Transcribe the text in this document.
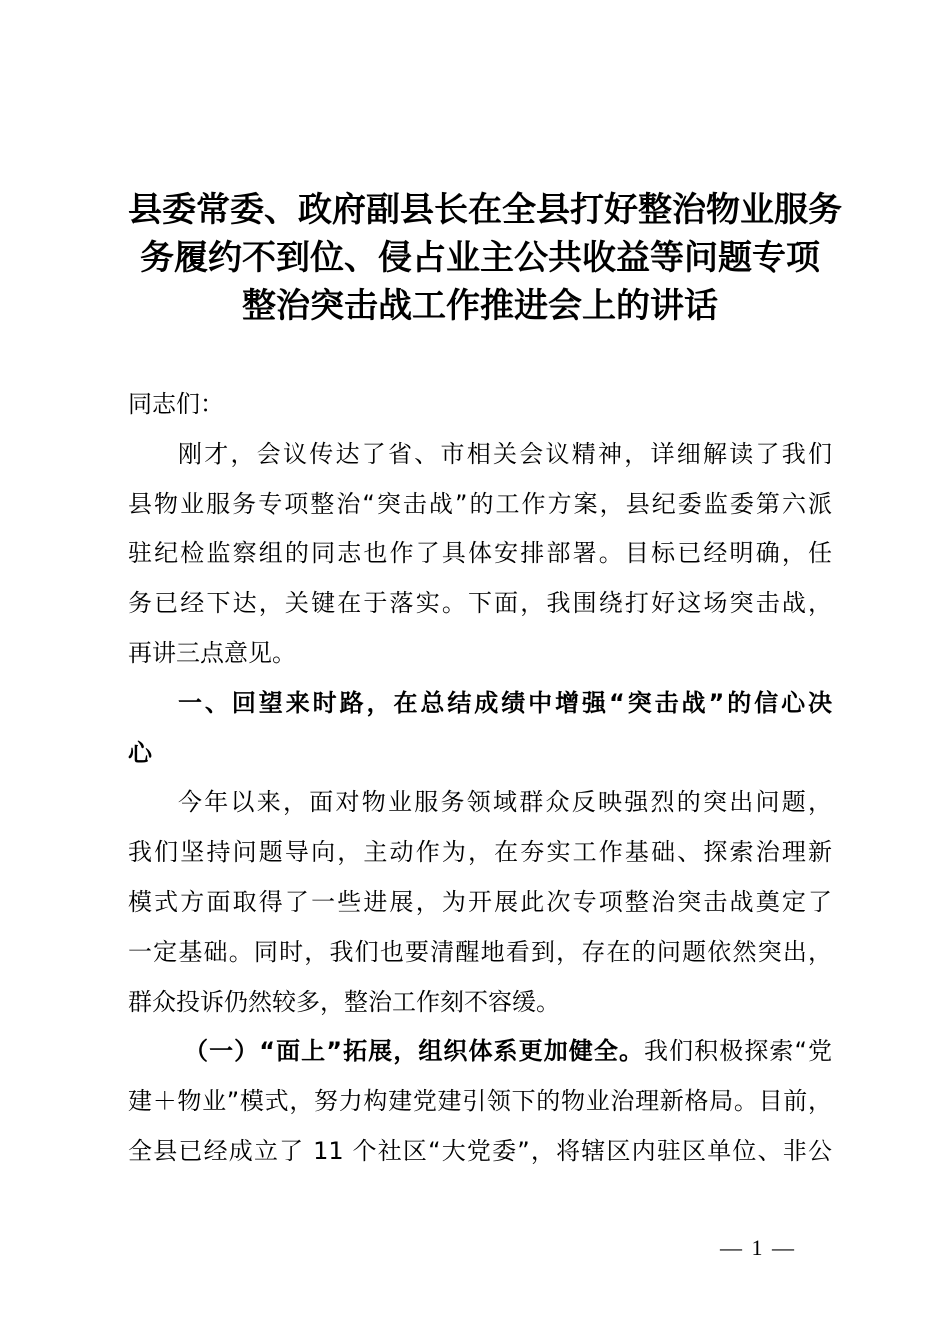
县委常委、政府副县长在全县打好整治物业服务
务履约不到位、侵占业主公共收益等问题专项
整治突击战工作推进会上的讲话
同志们：
刚才，会议传达了省、市相关会议精神，详细解读了我们
县物业服务专项整治“突击战”的工作方案，县纪委监委第六派
驻纪检监察组的同志也作了具体安排部署。目标已经明确，任
务已经下达，关键在于落实。下面，我围绕打好这场突击战，
再讲三点意见。
一、回望来时路，在总结成绩中增强“突击战”的信心决
心
今年以来，面对物业服务领域群众反映强烈的突出问题，
我们坚持问题导向，主动作为，在夯实工作基础、探索治理新
模式方面取得了一些进展，为开展此次专项整治突击战奠定了
一定基础。同时，我们也要清醒地看到，存在的问题依然突出，
群众投诉仍然较多，整治工作刻不容缓。
（一）“面上”拓展，组织体系更加健全。我们积极探索“党
建＋物业”模式，努力构建党建引领下的物业治理新格局。目前，
全县已经成立了 11 个社区“大党委”，将辖区内驻区单位、非公
— 1 —
